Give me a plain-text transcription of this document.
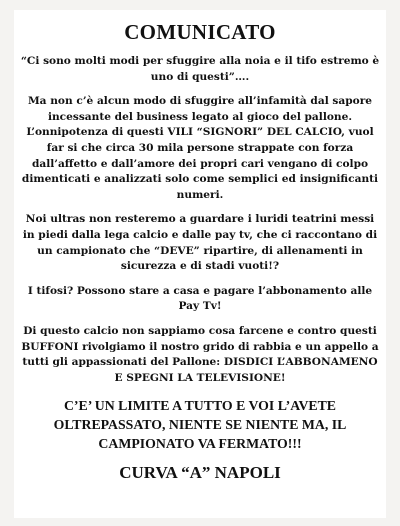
COMUNICATO

“Ci sono molti modi per sfuggire alla noia e il tifo estremo è uno di questi”….

Ma non c’è alcun modo di sfuggire all’infamità dal sapore incessante del business legato al gioco del pallone. L’onnipotenza di questi VILI “SIGNORI” DEL CALCIO, vuol far si che circa 30 mila persone strappate con forza dall’affetto e dall’amore dei propri cari vengano di colpo dimenticati e analizzati solo come semplici ed insignificanti numeri.

Noi ultras non resteremo a guardare i luridi teatrini messi in piedi dalla lega calcio e dalle pay tv, che ci raccontano di un campionato che “DEVE” ripartire, di allenamenti in sicurezza e di stadi vuoti!?

I tifosi? Possono stare a casa e pagare l’abbonamento alle Pay Tv!

Di questo calcio non sappiamo cosa farcene e contro questi BUFFONI rivolgiamo il nostro grido di rabbia e un appello a tutti gli appassionati del Pallone: DISDICI L’ABBONAMENO E SPEGNI LA TELEVISIONE!

C’E’ UN LIMITE A TUTTO E VOI L’AVETE OLTREPASSATO, NIENTE SE NIENTE MA, IL CAMPIONATO VA FERMATO!!!
CURVA “A” NAPOLI
